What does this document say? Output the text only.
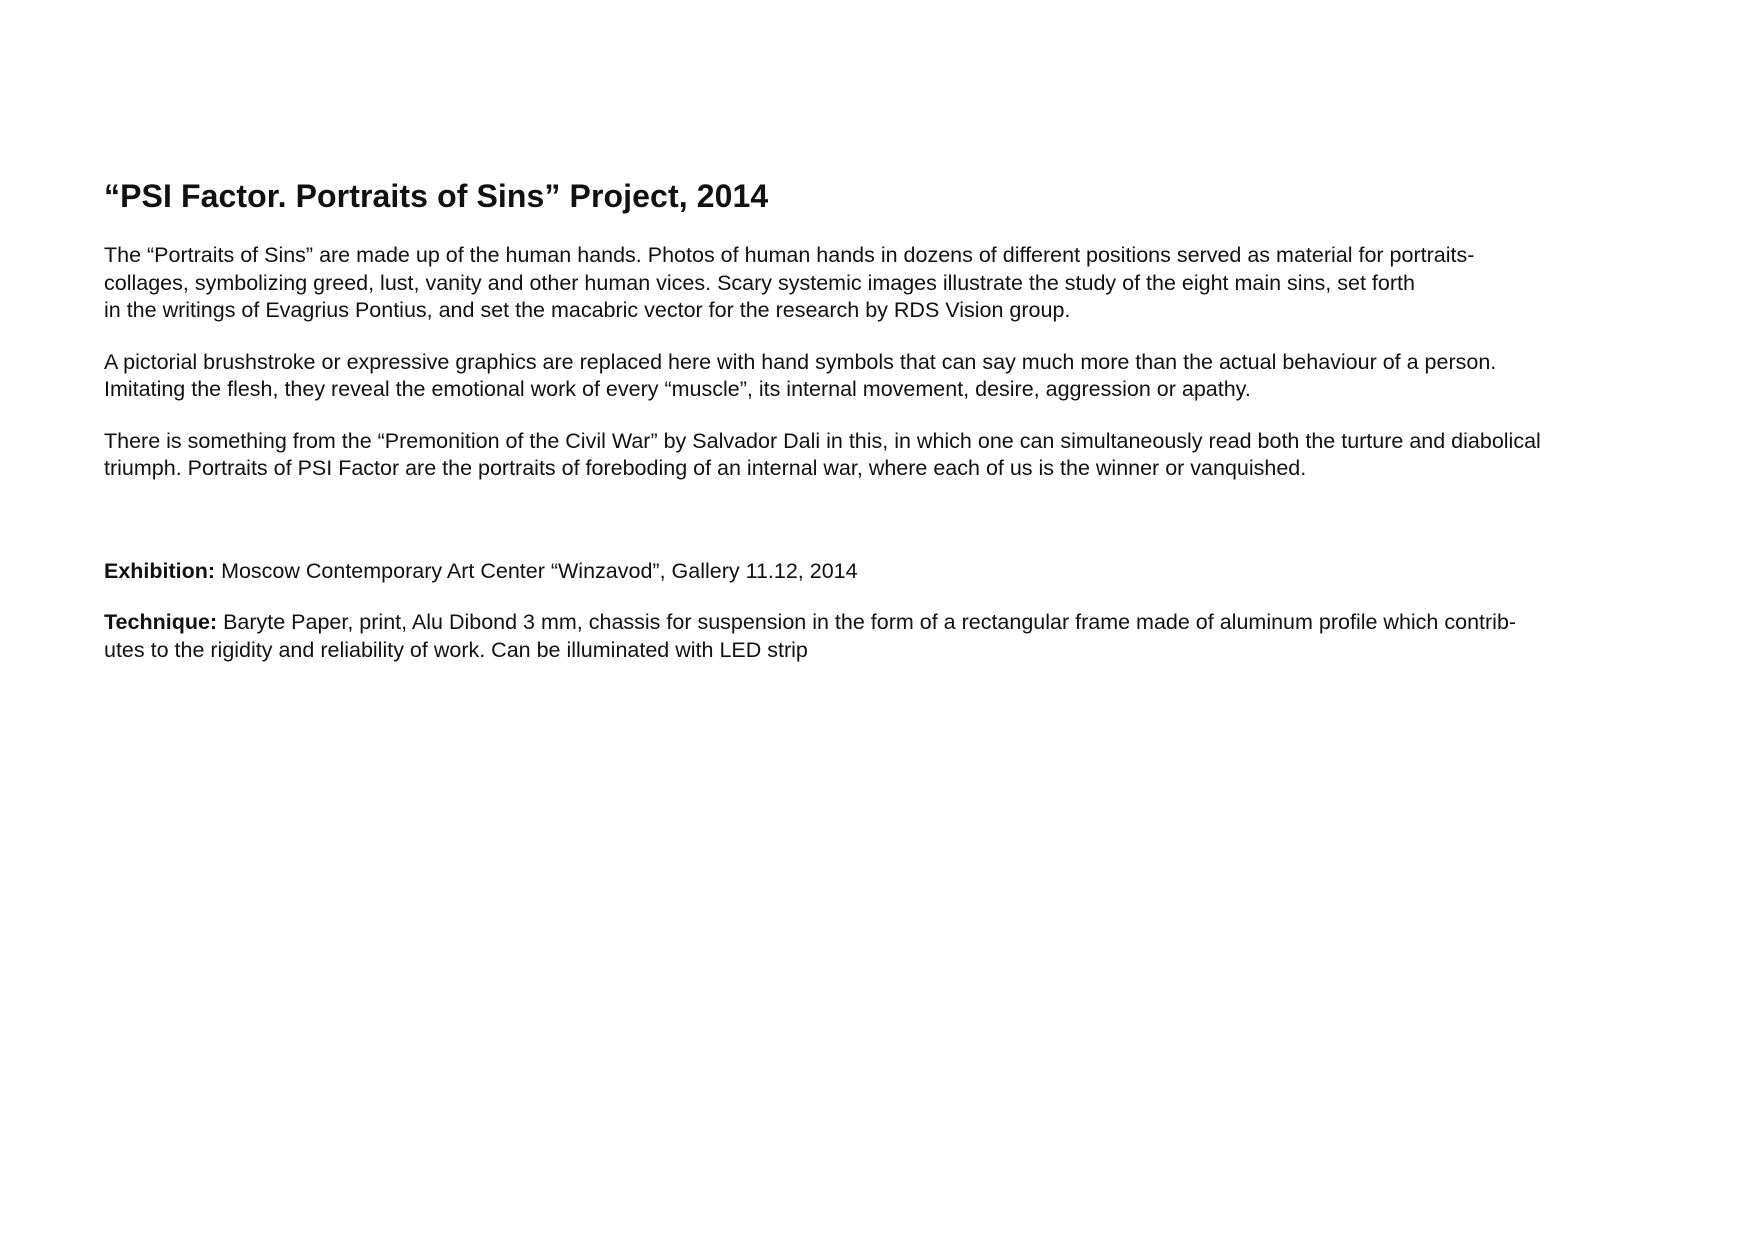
“PSI Factor. Portraits of Sins” Project, 2014
The “Portraits of Sins” are made up of the human hands. Photos of human hands in dozens of different positions served as material for portraits-
collages, symbolizing greed, lust, vanity and other human vices. Scary systemic images illustrate the study of the eight main sins, set forth
in the writings of Evagrius Pontius, and set the macabric vector for the research by RDS Vision group.
A pictorial brushstroke or expressive graphics are replaced here with hand symbols that can say much more than the actual behaviour of a person.
Imitating the flesh, they reveal the emotional work of every “muscle”, its internal movement, desire, aggression or apathy.
There is something from the “Premonition of the Civil War” by Salvador Dali in this, in which one can simultaneously read both the turture and diabolical
triumph. Portraits of PSI Factor are the portraits of foreboding of an internal war, where each of us is the winner or vanquished.
Exhibition: Moscow Contemporary Art Center “Winzavod”, Gallery 11.12, 2014
Technique: Baryte Paper, print, Alu Dibond 3 mm, chassis for suspension in the form of a rectangular frame made of aluminum profile which contrib-
utes to the rigidity and reliability of work. Can be illuminated with LED strip
